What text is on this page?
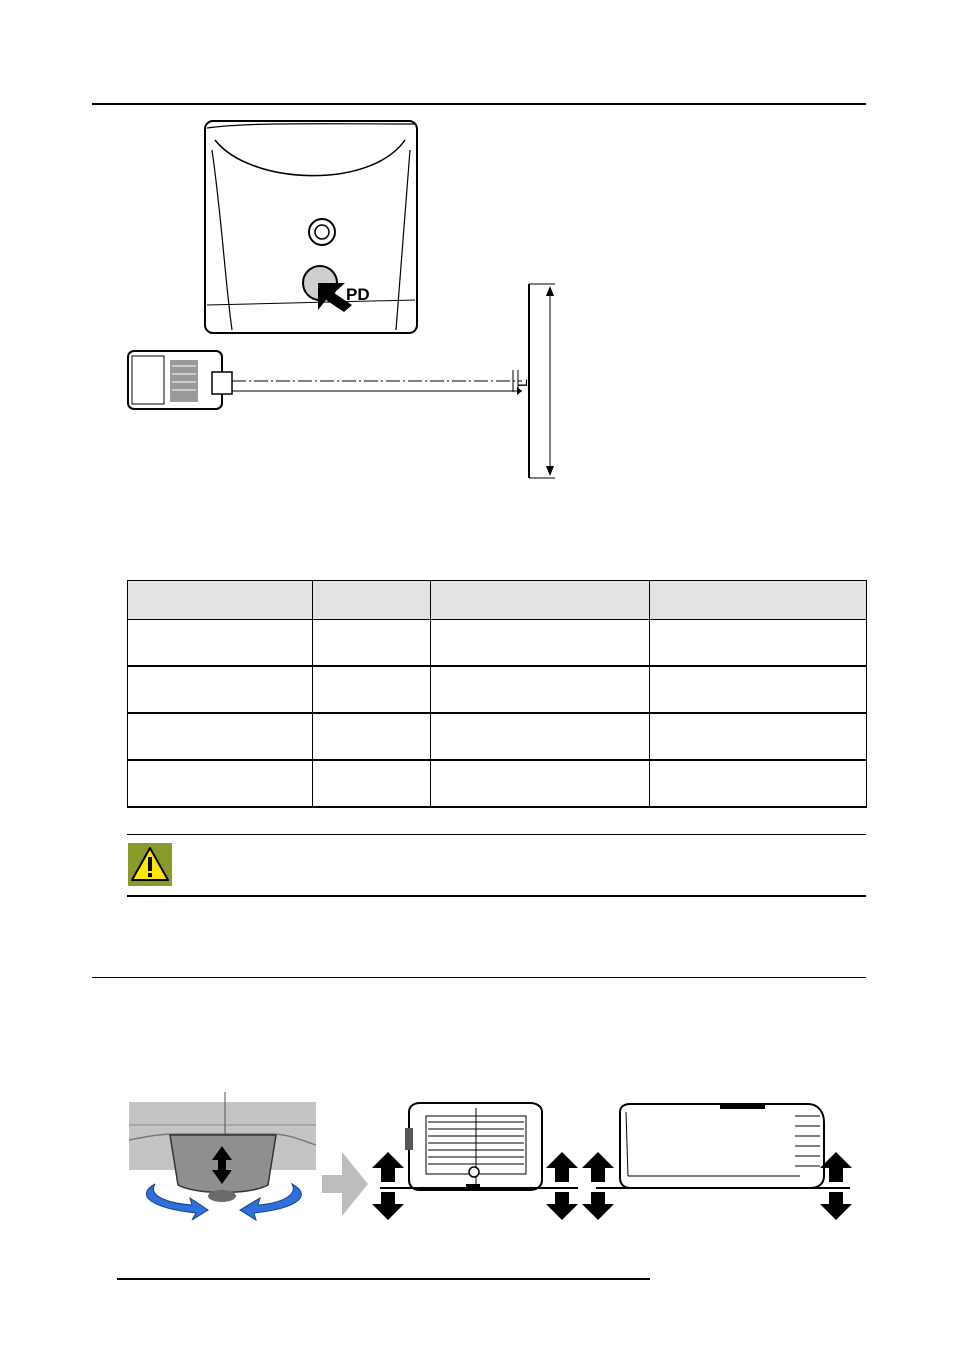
PD
L
